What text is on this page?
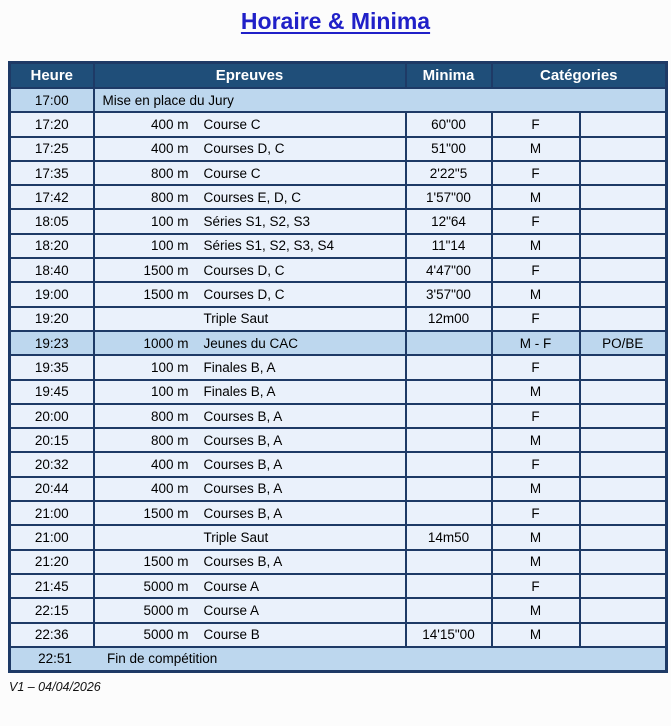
Horaire & Minima
Heure	Epreuves	Minima	Catégories	
17:00	Mise en place du Jury			
17:20	400 m Course C	60"00	F	
17:25	400 m Courses D, C	51"00	M	
17:35	800 m Course C	2'22"5	F	
17:42	800 m Courses E, D, C	1'57"00	M	
18:05	100 m Séries S1, S2, S3	12"64	F	
18:20	100 m Séries S1, S2, S3, S4	11"14	M	
18:40	1500 m Courses D, C	4'47"00	F	
19:00	1500 m Courses D, C	3'57"00	M	
19:20	Triple Saut	12m00	F	
19:23	1000 m Jeunes du CAC		M - F	PO/BE
19:35	100 m Finales B, A		F	
19:45	100 m Finales B, A		M	
20:00	800 m Courses B, A		F	
20:15	800 m Courses B, A		M	
20:32	400 m Courses B, A		F	
20:44	400 m Courses B, A		M	
21:00	1500 m Courses B, A		F	
21:00	Triple Saut	14m50	M	
21:20	1500 m Courses B, A		M	
21:45	5000 m Course A		F	
22:15	5000 m Course A		M	
22:36	5000 m Course B	14'15"00	M	

22:51 Fin de compétition				
V1 – 04/04/2026
